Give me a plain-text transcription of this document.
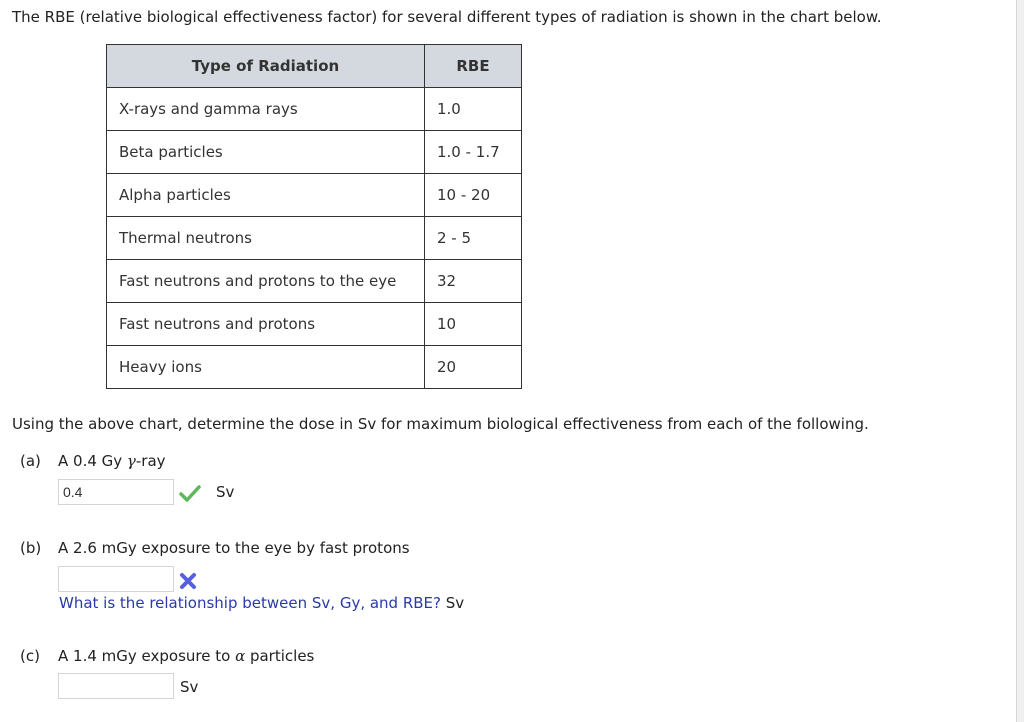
The RBE (relative biological effectiveness factor) for several different types of radiation is shown in the chart below.
Type of Radiation	RBE
X-rays and gamma rays	1.0
Beta particles	1.0 - 1.7
Alpha particles	10 - 20
Thermal neutrons	2 - 5
Fast neutrons and protons to the eye	32
Fast neutrons and protons	10
Heavy ions	20
Using the above chart, determine the dose in Sv for maximum biological effectiveness from each of the following.
(a) A 0.4 Gy γ-ray
0.4	Sv
(b) A 2.6 mGy exposure to the eye by fast protons
What is the relationship between Sv, Gy, and RBE? Sv
(c) A 1.4 mGy exposure to α particles
Sv
